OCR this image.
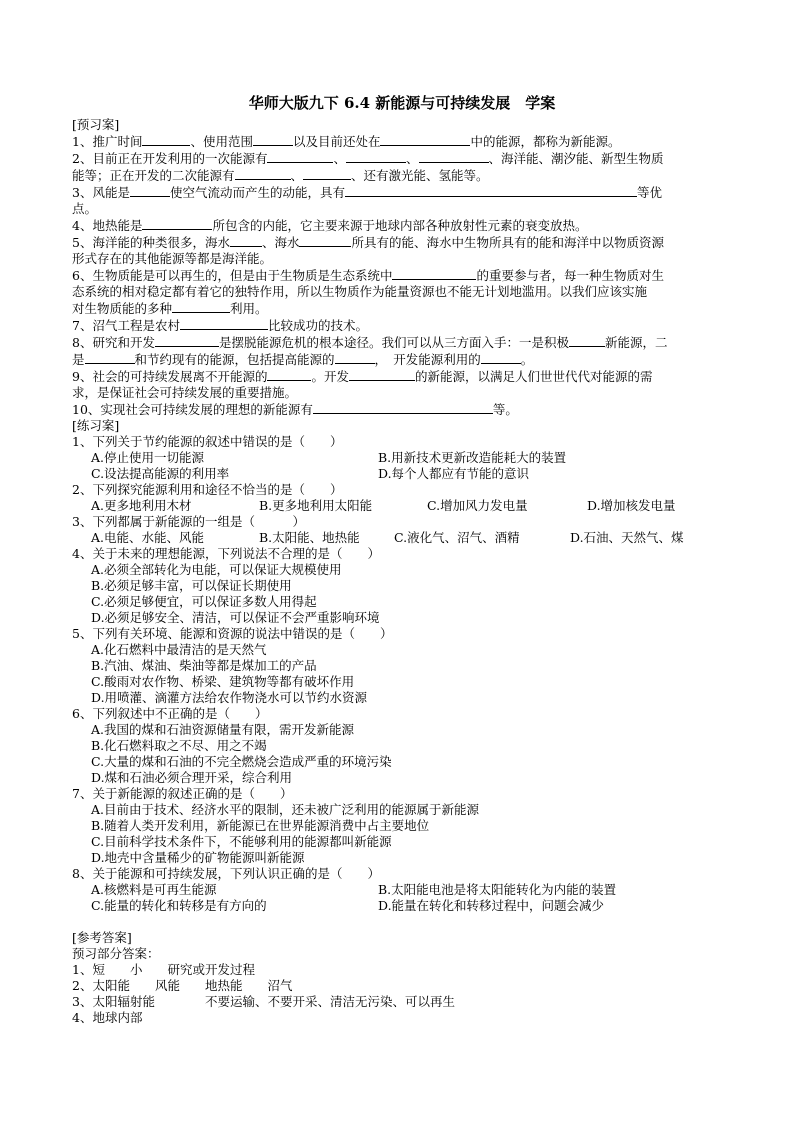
华师大版九下 6.4 新能源与可持续发展　学案
[预习案]
1、推广时间	、使用范围	以及目前还处在	中的能源，都称为新能源。
2、目前正在开发利用的一次能源有	、	、	、海洋能、潮汐能、新型生物质
能等；正在开发的二次能源有	、	、还有激光能、氢能等。
3、风能是	使空气流动而产生的动能，具有	等优
点。
4、地热能是	所包含的内能，它主要来源于地球内部各种放射性元素的衰变放热。
5、海洋能的种类很多，海水	、海水	所具有的能、海水中生物所具有的能和海洋中以物质资源
形式存在的其他能源等都是海洋能。
6、生物质能是可以再生的，但是由于生物质是生态系统中	的重要参与者，每一种生物质对生
态系统的相对稳定都有着它的独特作用，所以生物质作为能量资源也不能无计划地滥用。以我们应该实施
对生物质能的多种	利用。
7、沼气工程是农村	比较成功的技术。
8、研究和开发	是摆脱能源危机的根本途径。我们可以从三方面入手：一是积极	新能源，二
是	和节约现有的能源，包括提高能源的	，　开发能源利用的	。
9、社会的可持续发展离不开能源的	。开发	的新能源，以满足人们世世代代对能源的需
求，是保证社会可持续发展的重要措施。
10、实现社会可持续发展的理想的新能源有	等。
[练习案]
1、下列关于节约能源的叙述中错误的是（　　）
A.停止使用一切能源	B.用新技术更新改造能耗大的装置
C.设法提高能源的利用率	D.每个人都应有节能的意识
2、下列探究能源利用和途径不恰当的是（　　）
A.更多地利用木材	B.更多地利用太阳能	C.增加风力发电量	D.增加核发电量
3、下列都属于新能源的一组是（　　　）
A.电能、水能、风能	B.太阳能、地热能	C.液化气、沼气、酒精	D.石油、天然气、煤
4、关于未来的理想能源，下列说法不合理的是（　　）
A.必须全部转化为电能，可以保证大规模使用
B.必须足够丰富，可以保证长期使用
C.必须足够便宜，可以保证多数人用得起
D.必须足够安全、清洁，可以保证不会严重影响环境
5、下列有关环境、能源和资源的说法中错误的是（　　）
A.化石燃料中最清洁的是天然气
B.汽油、煤油、柴油等都是煤加工的产品
C.酸雨对农作物、桥梁、建筑物等都有破坏作用
D.用喷灌、滴灌方法给农作物浇水可以节约水资源
6、下列叙述中不正确的是（　　）
A.我国的煤和石油资源储量有限，需开发新能源
B.化石燃料取之不尽、用之不竭
C.大量的煤和石油的不完全燃烧会造成严重的环境污染
D.煤和石油必须合理开采，综合利用
7、关于新能源的叙述正确的是（　　）
A.目前由于技术、经济水平的限制，还未被广泛利用的能源属于新能源
B.随着人类开发利用，新能源已在世界能源消费中占主要地位
C.目前科学技术条件下，不能够利用的能源都叫新能源
D.地壳中含量稀少的矿物能源叫新能源
8、关于能源和可持续发展，下列认识正确的是（　　）
A.核燃料是可再生能源	B.太阳能电池是将太阳能转化为内能的装置
C.能量的转化和转移是有方向的	D.能量在转化和转移过程中，问题会减少
[参考答案]
预习部分答案：
1、短　　小　　研究或开发过程
2、太阳能　　风能　　地热能　　沼气
3、太阳辐射能　　　　不要运输、不要开采、清洁无污染、可以再生
4、地球内部
